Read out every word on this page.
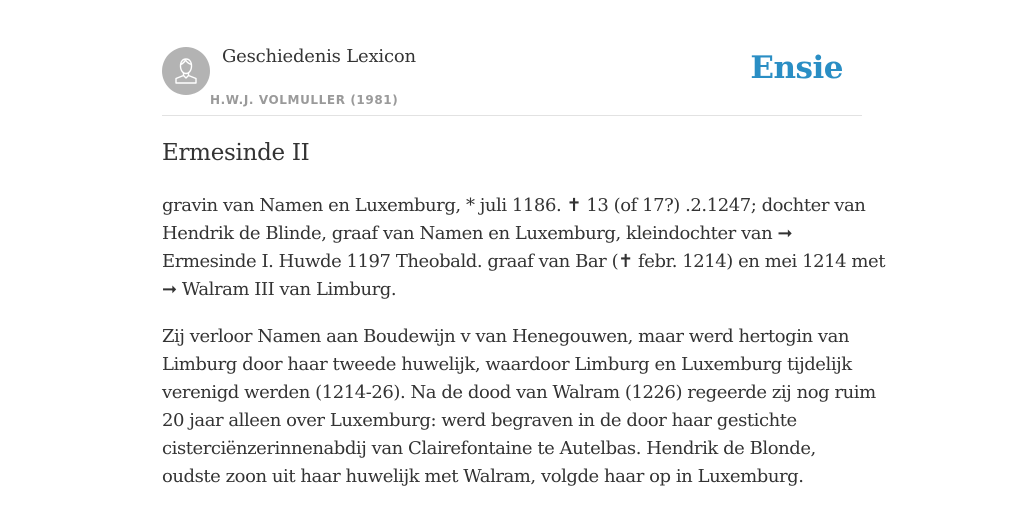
Geschiedenis Lexicon
H.W.J. VOLMULLER (1981)
Ensie
Ermesinde II

gravin van Namen en Luxemburg, * juli 1186. ✝ 13 (of 17?) .2.1247; dochter van
Hendrik de Blinde, graaf van Namen en Luxemburg, kleindochter van ➞
Ermesinde I. Huwde 1197 Theobald. graaf van Bar (✝ febr. 1214) en mei 1214 met
➞ Walram III van Limburg.

Zij verloor Namen aan Boudewijn v van Henegouwen, maar werd hertogin van
Limburg door haar tweede huwelijk, waardoor Limburg en Luxemburg tijdelijk
verenigd werden (1214-26). Na de dood van Walram (1226) regeerde zij nog ruim
20 jaar alleen over Luxemburg: werd begraven in de door haar gestichte
cisterciënzerinnenabdij van Clairefontaine te Autelbas. Hendrik de Blonde,
oudste zoon uit haar huwelijk met Walram, volgde haar op in Luxemburg.
